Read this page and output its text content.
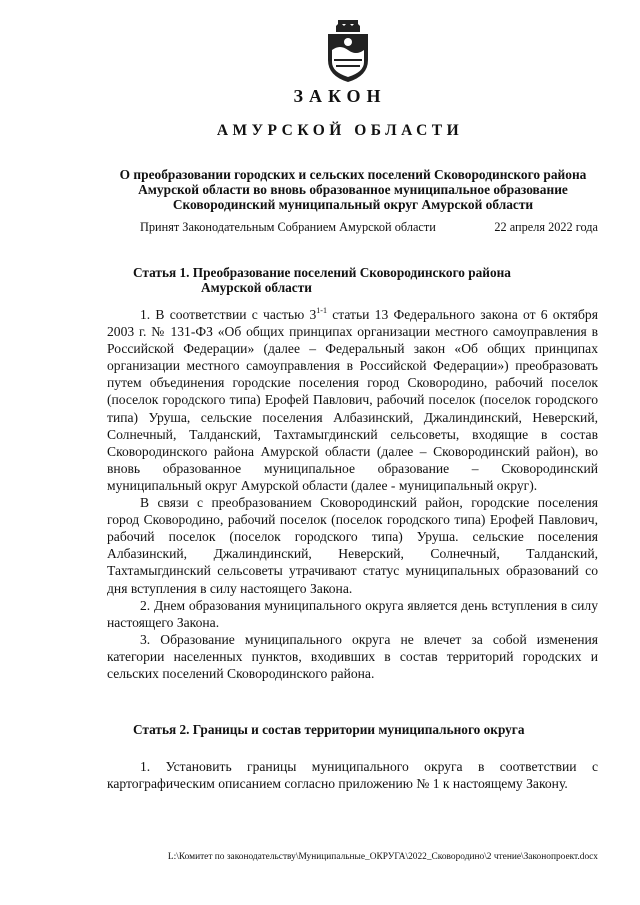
ЗАКОН
АМУРСКОЙ ОБЛАСТИ
О преобразовании городских и сельских поселений Сковородинского района Амурской области во вновь образованное муниципальное образование Сковородинский муниципальный округ Амурской области
Принят Законодательным Собранием Амурской области	22 апреля 2022 года
Статья 1. Преобразование поселений Сковородинского района
Амурской области

1. В соответствии с частью 3$^{1-1}$ статьи 13 Федерального закона от 6 октября 2003 г. № 131-ФЗ «Об общих принципах организации местного самоуправления в Российской Федерации» (далее – Федеральный закон «Об общих принципах организации местного самоуправления в Российской Федерации») преобразовать путем объединения городские поселения город Сковородино, рабочий поселок (поселок городского типа) Ерофей Павлович, рабочий поселок (поселок городского типа) Уруша, сельские поселения Албазинский, Джалиндинский, Неверский, Солнечный, Талданский, Тахтамыгдинский сельсоветы, входящие в состав Сковородинского района Амурской области (далее – Сковородинский район), во вновь образованное муниципальное образование – Сковородинский муниципальный округ Амурской области (далее - муниципальный округ).

В связи с преобразованием Сковородинский район, городские поселения город Сковородино, рабочий поселок (поселок городского типа) Ерофей Павлович, рабочий поселок (поселок городского типа) Уруша. сельские поселения Албазинский, Джалиндинский, Неверский, Солнечный, Талданский, Тахтамыгдинский сельсоветы утрачивают статус муниципальных образований со дня вступления в силу настоящего Закона.

2. Днем образования муниципального округа является день вступления в силу настоящего Закона.

3. Образование муниципального округа не влечет за собой изменения категории населенных пунктов, входивших в состав территорий городских и сельских поселений Сковородинского района.

Статья 2. Границы и состав территории муниципального округа

1. Установить границы муниципального округа в соответствии с картографическим описанием согласно приложению № 1 к настоящему Закону.

L:\Комитет по законодательству\Муниципальные_ОКРУГА\2022_Сковородино\2 чтение\Законопроект.docx
